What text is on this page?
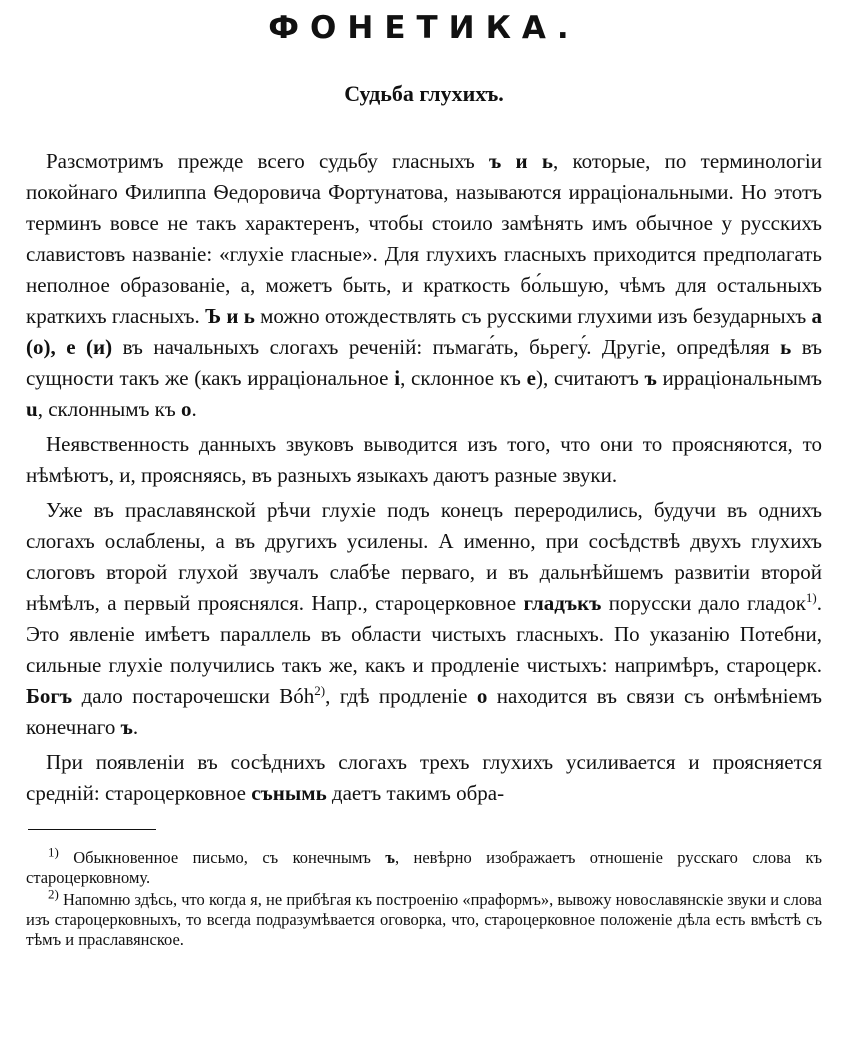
ФОНЕТИКА.
Судьба глухихъ.

Разсмотримъ прежде всего судьбу гласныхъ ъ и ь, которые, по терминологіи покойнаго Филиппа Ѳедоровича Фортунатова, называются ирраціональными. Но этотъ терминъ вовсе не такъ характеренъ, чтобы стоило замѣнять имъ обычное у русскихъ славистовъ названіе: «глухіе гласные». Для глухихъ гласныхъ приходится предполагать неполное образованіе, а, можетъ быть, и краткость бо́льшую, чѣмъ для остальныхъ краткихъ гласныхъ. Ъ и ь можно отождествлять съ русскими глухими изъ безударныхъ а (о), е (и) въ начальныхъ слогахъ реченій: пъмага́ть, бьрегу́. Другіе, опредѣляя ь въ сущности такъ же (какъ ирраціональное і, склонное къ е), считаютъ ъ ирраціональнымъ u, склоннымъ къ о.

Неявственность данныхъ звуковъ выводится изъ того, что они то проясняются, то нѣмѣютъ, и, проясняясь, въ разныхъ языкахъ даютъ разные звуки.

Уже въ праславянской рѣчи глухіе подъ конецъ переродились, будучи въ однихъ слогахъ ослаблены, а въ другихъ усилены. А именно, при сосѣдствѣ двухъ глухихъ слоговъ второй глухой звучалъ слабѣе перваго, и въ дальнѣйшемъ развитіи второй нѣмѣлъ, а первый прояснялся. Напр., староцерковное гладъкъ порусски дало гладок$^{1)}$. Это явленіе имѣетъ параллель въ области чистыхъ гласныхъ. По указанію Потебни, сильные глухіе получились такъ же, какъ и продленіе чистыхъ: напримѣръ, староцерк. Богъ дало постарочешски Bóh$^{2)}$, гдѣ продленіе о находится въ связи съ онѣмѣніемъ конечнаго ъ.

При появленіи въ сосѣднихъ слогахъ трехъ глухихъ усиливается и проясняется средній: староцерковное сънымь даетъ такимъ обра-

$^{1)}$ Обыкновенное письмо, съ конечнымъ ъ, невѣрно изображаетъ отношеніе русскаго слова къ староцерковному.

$^{2)}$ Напомню здѣсь, что когда я, не прибѣгая къ построенію «праформъ», вывожу новославянскіе звуки и слова изъ староцерковныхъ, то всегда подразумѣвается оговорка, что, староцерковное положеніе дѣла есть вмѣстѣ съ тѣмъ и праславянское.
